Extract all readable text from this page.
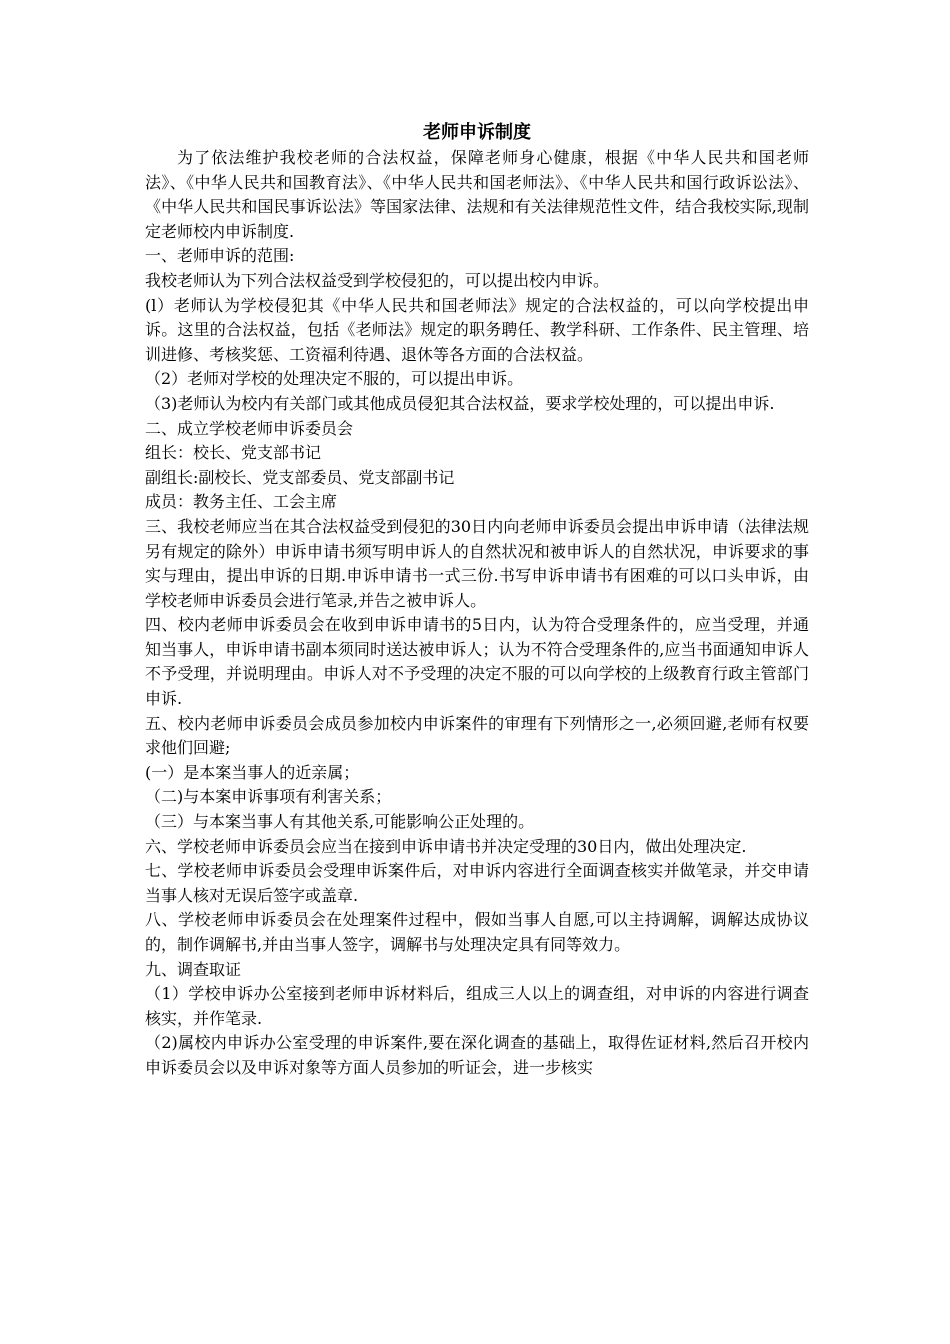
老师申诉制度

为了依法维护我校老师的合法权益，保障老师身心健康，根据《中华人民共和国老师法》、《中华人民共和国教育法》、《中华人民共和国老师法》、《中华人民共和国行政诉讼法》、《中华人民共和国民事诉讼法》等国家法律、法规和有关法律规范性文件，结合我校实际,现制定老师校内申诉制度.

一、老师申诉的范围:

我校老师认为下列合法权益受到学校侵犯的，可以提出校内申诉。

(l）老师认为学校侵犯其《中华人民共和国老师法》规定的合法权益的，可以向学校提出申诉。这里的合法权益，包括《老师法》规定的职务聘任、教学科研、工作条件、民主管理、培训进修、考核奖惩、工资福利待遇、退休等各方面的合法权益。

（2）老师对学校的处理决定不服的，可以提出申诉。

（3)老师认为校内有关部门或其他成员侵犯其合法权益，要求学校处理的，可以提出申诉.

二、成立学校老师申诉委员会

组长：校长、党支部书记

副组长:副校长、党支部委员、党支部副书记

成员：教务主任、工会主席

三、我校老师应当在其合法权益受到侵犯的30日内向老师申诉委员会提出申诉申请（法律法规另有规定的除外）申诉申请书须写明申诉人的自然状况和被申诉人的自然状况，申诉要求的事实与理由，提出申诉的日期.申诉申请书一式三份.书写申诉申请书有困难的可以口头申诉，由学校老师申诉委员会进行笔录,并告之被申诉人。

四、校内老师申诉委员会在收到申诉申请书的5日内，认为符合受理条件的，应当受理，并通知当事人，申诉申请书副本须同时送达被申诉人；认为不符合受理条件的,应当书面通知申诉人不予受理，并说明理由。申诉人对不予受理的决定不服的可以向学校的上级教育行政主管部门申诉.

五、校内老师申诉委员会成员参加校内申诉案件的审理有下列情形之一,必须回避,老师有权要求他们回避;

(一）是本案当事人的近亲属；

（二)与本案申诉事项有利害关系；

（三）与本案当事人有其他关系,可能影响公正处理的。

六、学校老师申诉委员会应当在接到申诉申请书并决定受理的30日内，做出处理决定.

七、学校老师申诉委员会受理申诉案件后，对申诉内容进行全面调查核实并做笔录，并交申请当事人核对无误后签字或盖章.

八、学校老师申诉委员会在处理案件过程中，假如当事人自愿,可以主持调解，调解达成协议的，制作调解书,并由当事人签字，调解书与处理决定具有同等效力。

九、调查取证

（1）学校申诉办公室接到老师申诉材料后，组成三人以上的调查组，对申诉的内容进行调查核实，并作笔录.

（2)属校内申诉办公室受理的申诉案件,要在深化调查的基础上，取得佐证材料,然后召开校内申诉委员会以及申诉对象等方面人员参加的听证会，进一步核实
